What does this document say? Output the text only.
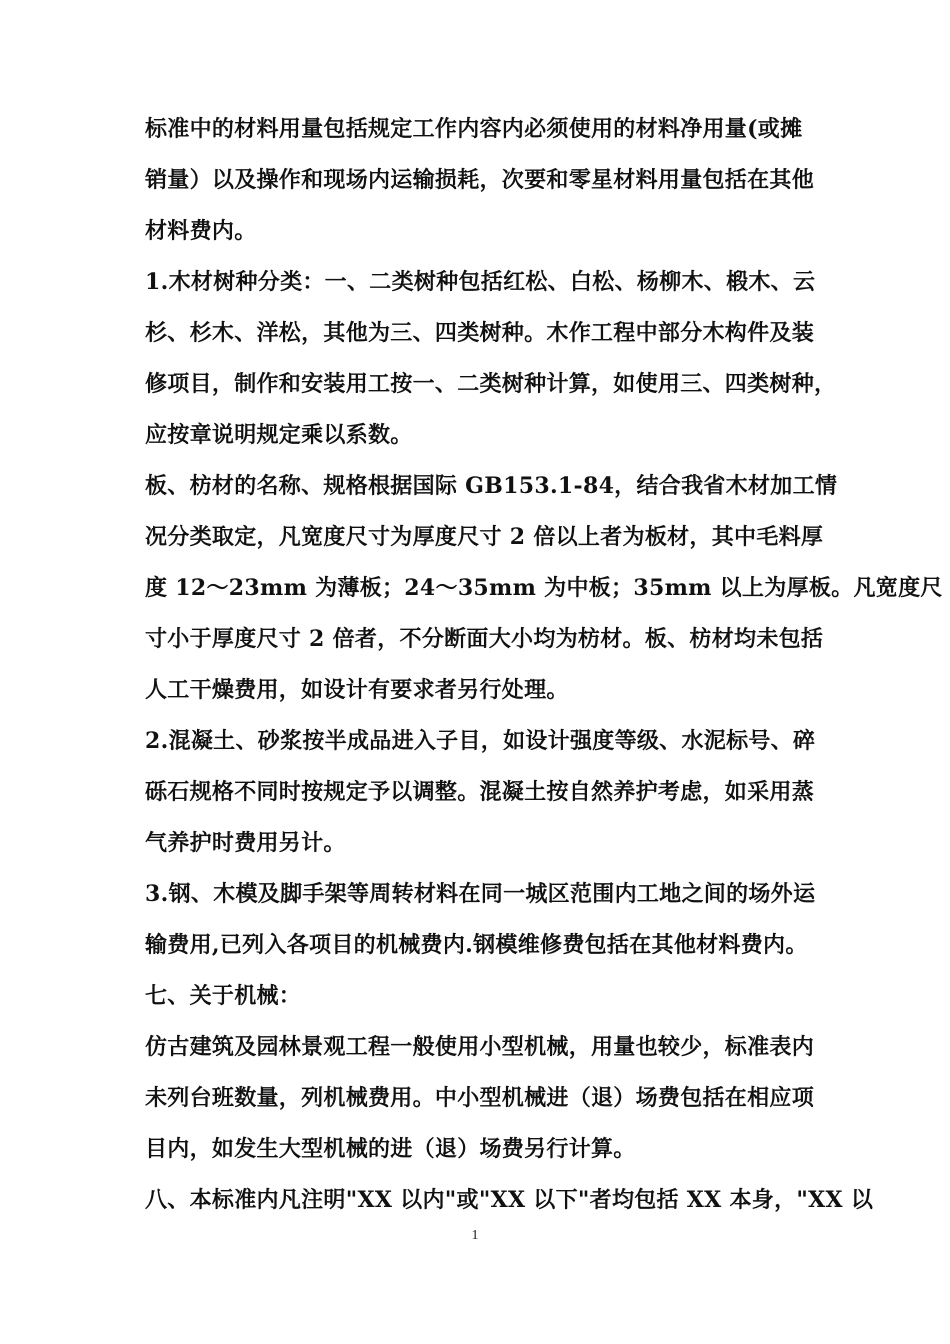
标准中的材料用量包括规定工作内容内必须使用的材料净用量(或摊
销量）以及操作和现场内运输损耗，次要和零星材料用量包括在其他
材料费内。
1.木材树种分类：一、二类树种包括红松、白松、杨柳木、椴木、云
杉、杉木、洋松，其他为三、四类树种。木作工程中部分木构件及装
修项目，制作和安装用工按一、二类树种计算，如使用三、四类树种，
应按章说明规定乘以系数。
板、枋材的名称、规格根据国际 GB153.1-84，结合我省木材加工情
况分类取定，凡宽度尺寸为厚度尺寸 2 倍以上者为板材，其中毛料厚
度 12～23mm 为薄板；24～35mm 为中板；35mm 以上为厚板。凡宽度尺
寸小于厚度尺寸 2 倍者，不分断面大小均为枋材。板、枋材均未包括
人工干燥费用，如设计有要求者另行处理。
2.混凝土、砂浆按半成品进入子目，如设计强度等级、水泥标号、碎
砾石规格不同时按规定予以调整。混凝土按自然养护考虑，如采用蒸
气养护时费用另计。
3.钢、木模及脚手架等周转材料在同一城区范围内工地之间的场外运
输费用,已列入各项目的机械费内.钢模维修费包括在其他材料费内。
七、关于机械：
仿古建筑及园林景观工程一般使用小型机械，用量也较少，标准表内
未列台班数量，列机械费用。中小型机械进（退）场费包括在相应项
目内，如发生大型机械的进（退）场费另行计算。
八、本标准内凡注明"XX 以内"或"XX 以下"者均包括 XX 本身，"XX 以
1
